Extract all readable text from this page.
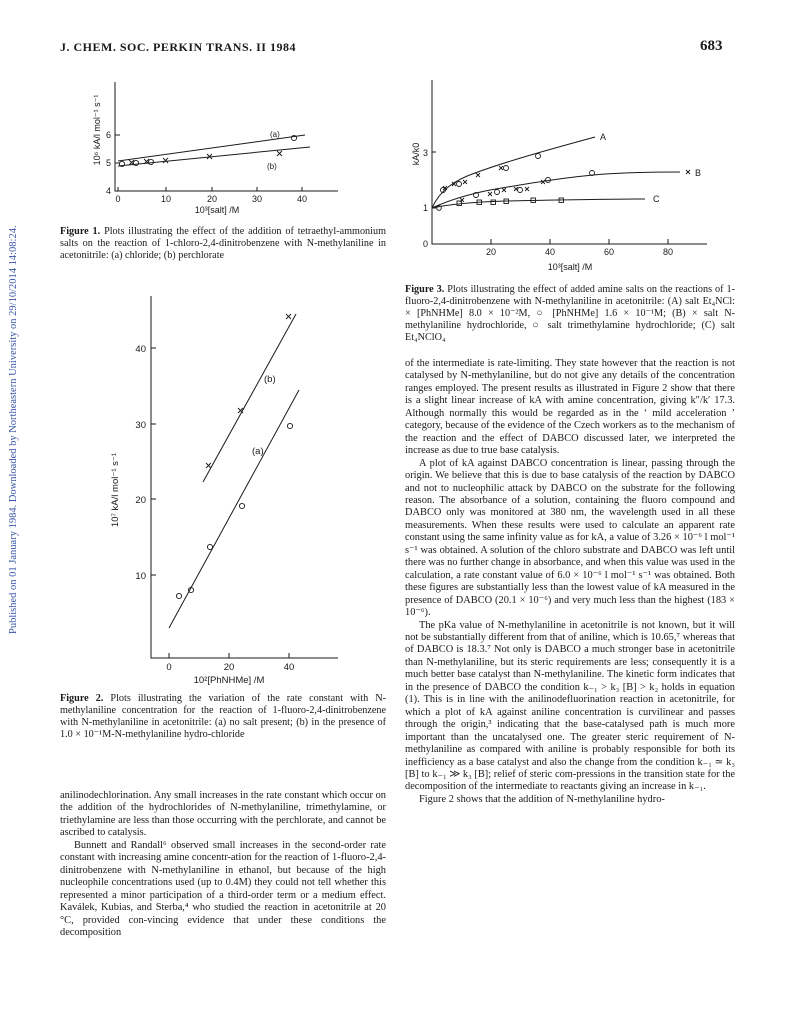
J. CHEM. SOC. PERKIN TRANS. II 1984	683
Published on 01 January 1984. Downloaded by Northeastern University on 29/10/2014 14:08:24.
10⁶ kA/l mol⁻¹ s⁻¹
4
5
6
0	10	20	30	40
10³[salt] /M
(a)
(b)
Figure 1. Plots illustrating the effect of the addition of tetraethyl-ammonium salts on the reaction of 1-chloro-2,4-dinitrobenzene with N-methylaniline in acetonitrile: (a) chloride; (b) perchlorate
10⁷ kA/l mol⁻¹ s⁻¹
40
30
20
10
0	20	40
10²[PhNHMe] /M
(b)
(a)
Figure 2. Plots illustrating the variation of the rate constant with N-methylaniline concentration for the reaction of 1-fluoro-2,4-dinitrobenzene with N-methylaniline in acetonitrile: (a) no salt present; (b) in the presence of 1.0 × 10⁻¹M-N-methylaniline hydro-chloride
kA/k0
0
1
3
20	40	60	80
10³[salt] /M
A
B
C
Figure 3. Plots illustrating the effect of added amine salts on the reactions of 1-fluoro-2,4-dinitrobenzene with N-methylaniline in acetonitrile: (A) salt Et₄NCl: × [PhNHMe] 8.0 × 10⁻²M, ○ [PhNHMe] 1.6 × 10⁻¹M; (B) × salt N-methylaniline hydrochloride, ○ salt trimethylamine hydrochloride; (C) salt Et₄NClO₄

anilinodechlorination. Any small increases in the rate constant which occur on the addition of the hydrochlorides of N-methylaniline, trimethylamine, or triethylamine are less than those occurring with the perchlorate, and cannot be ascribed to catalysis.

Bunnett and Randall⁶ observed small increases in the second-order rate constant with increasing amine concentr-ation for the reaction of 1-fluoro-2,4-dinitrobenzene with N-methylaniline in ethanol, but because of the high nucleophile concentrations used (up to 0.4M) they could not tell whether this represented a minor participation of a third-order term or a medium effect. Kaválek, Kubias, and Sterba,⁴ who studied the reaction in acetonitrile at 20 °C, provided con-vincing evidence that under these conditions the decomposition

of the intermediate is rate-limiting. They state however that the reaction is not catalysed by N-methylaniline, but do not give any details of the concentration ranges employed. The present results as illustrated in Figure 2 show that there is a slight linear increase of kA with amine concentration, giving k″/k′ 17.3. Although normally this would be regarded as in the ‘ mild acceleration ’ category, because of the evidence of the Czech workers as to the mechanism of the reaction and the effect of DABCO discussed later, we interpreted the increase as due to true base catalysis.

A plot of kA against DABCO concentration is linear, passing through the origin. We believe that this is due to base catalysis of the reaction by DABCO and not to nucleophilic attack by DABCO on the substrate for the following reason. The absorbance of a solution, containing the fluoro compound and DABCO only was monitored at 380 nm, the wavelength used in all these measurements. When these results were used to calculate an apparent rate constant using the same infinity value as for kA, a value of 3.26 × 10⁻⁶ l mol⁻¹ s⁻¹ was obtained. A solution of the chloro substrate and DABCO was left until there was no further change in absorbance, and when this value was used in the calculation, a rate constant value of 6.0 × 10⁻⁶ l mol⁻¹ s⁻¹ was obtained. Both these figures are substantially less than the lowest value of kA measured in the presence of DABCO (20.1 × 10⁻⁶) and very much less than the highest (183 × 10⁻⁶).

The pKa value of N-methylaniline in acetonitrile is not known, but it will not be substantially different from that of aniline, which is 10.65,⁷ whereas that of DABCO is 18.3.⁷ Not only is DABCO a much stronger base in acetonitrile than N-methylaniline, but its steric requirements are less; consequently it is a much better base catalyst than N-methylaniline. The kinetic form indicates that in the presence of DABCO the condition k₋₁ > k₃ [B] > k₂ holds in equation (1). This is in line with the anilinodefluorination reaction in acetonitrile, for which a plot of kA against aniline concentration is curvilinear and passes through the origin,³ indicating that the base-catalysed path is much more important than the uncatalysed one. The greater steric requirement of N-methylaniline as compared with aniline is probably responsible for both its inefficiency as a base catalyst and also the change from the condition k₋₁ ≃ k₃ [B] to k₋₁ ≫ k₃ [B]; relief of steric com-pressions in the transition state for the decomposition of the intermediate to reactants giving an increase in k₋₁.

Figure 2 shows that the addition of N-methylaniline hydro-
